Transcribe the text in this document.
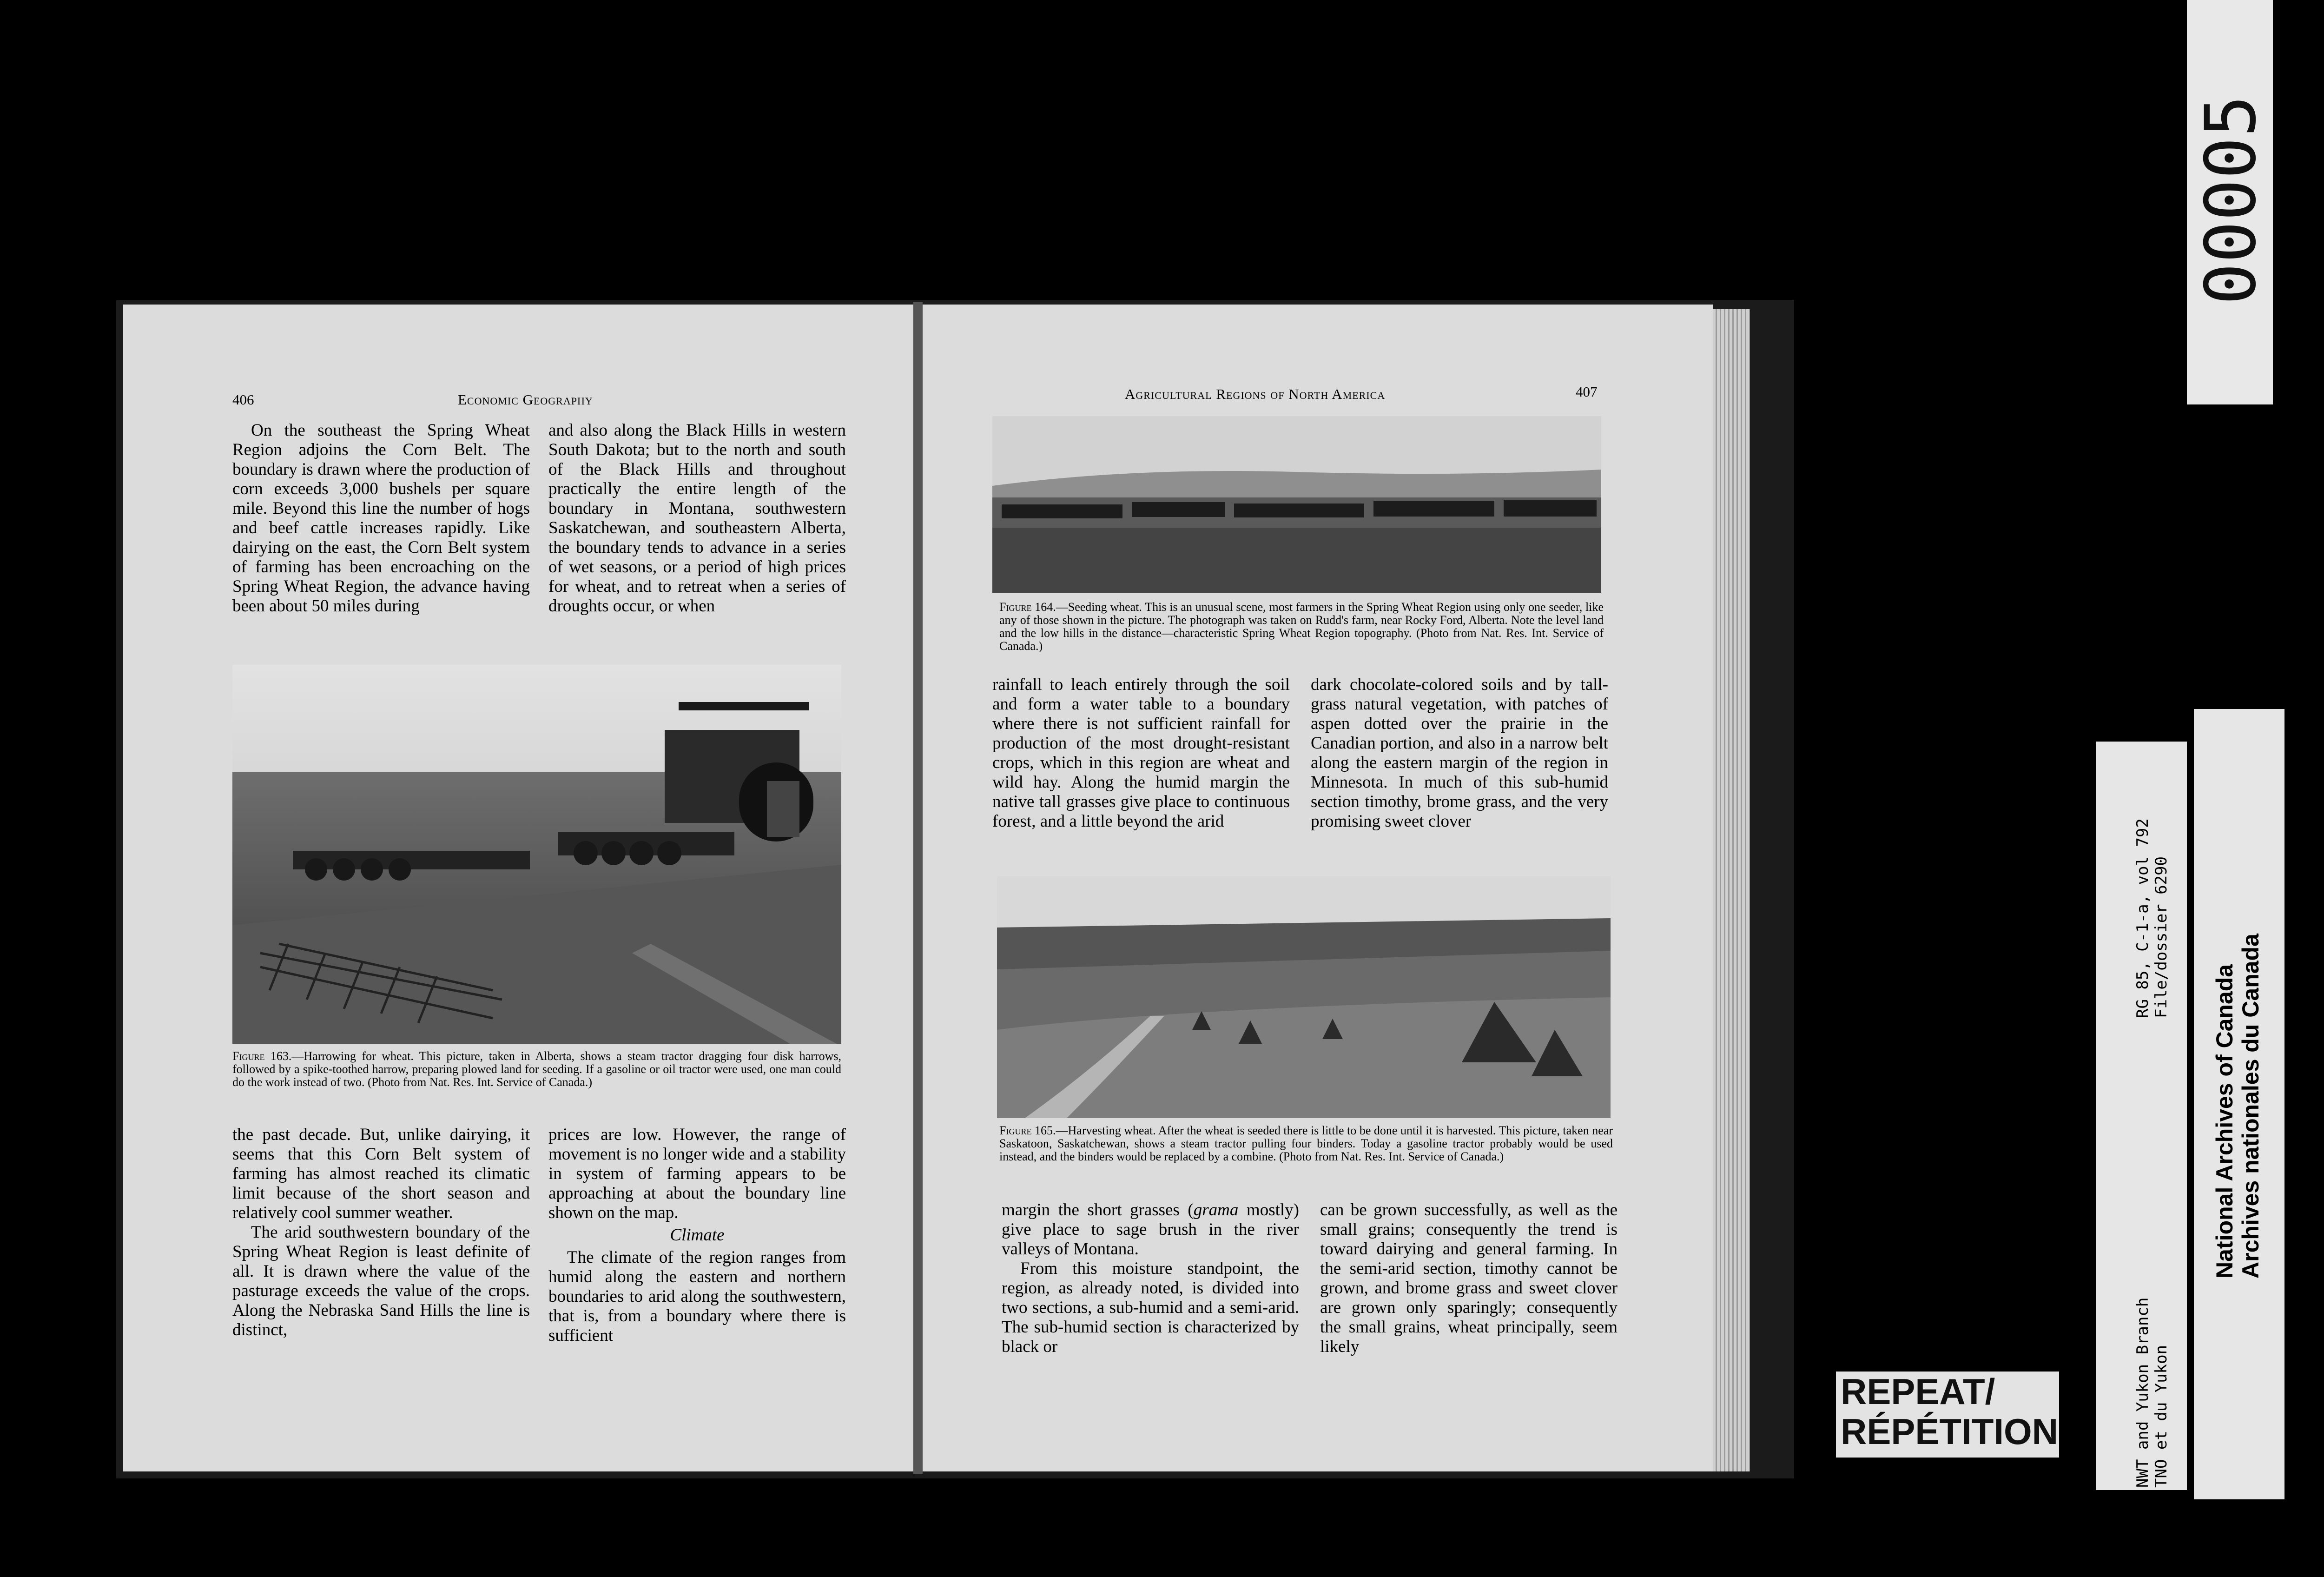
406	Economic Geography

On the southeast the Spring Wheat Region adjoins the Corn Belt. The boundary is drawn where the production of corn exceeds 3,000 bushels per square mile. Beyond this line the number of hogs and beef cattle increases rapidly. Like dairying on the east, the Corn Belt system of farming has been encroaching on the Spring Wheat Region, the advance having been about 50 miles during

and also along the Black Hills in western South Dakota; but to the north and south of the Black Hills and throughout practically the entire length of the boundary in Montana, southwestern Saskatchewan, and southeastern Alberta, the boundary tends to advance in a series of wet seasons, or a period of high prices for wheat, and to retreat when a series of droughts occur, or when

Figure 163.—Harrowing for wheat. This picture, taken in Alberta, shows a steam tractor dragging four disk harrows, followed by a spike-toothed harrow, preparing plowed land for seeding. If a gasoline or oil tractor were used, one man could do the work instead of two. (Photo from Nat. Res. Int. Service of Canada.)

the past decade. But, unlike dairying, it seems that this Corn Belt system of farming has almost reached its climatic limit because of the short season and relatively cool summer weather.

The arid southwestern boundary of the Spring Wheat Region is least definite of all. It is drawn where the value of the pasturage exceeds the value of the crops. Along the Nebraska Sand Hills the line is distinct,

prices are low. However, the range of movement is no longer wide and a stability in system of farming appears to be approaching at about the boundary line shown on the map.

Climate

The climate of the region ranges from humid along the eastern and northern boundaries to arid along the southwestern, that is, from a boundary where there is sufficient

Agricultural Regions of North America	407
Figure 164.—Seeding wheat. This is an unusual scene, most farmers in the Spring Wheat Region using only one seeder, like any of those shown in the picture. The photograph was taken on Rudd's farm, near Rocky Ford, Alberta. Note the level land and the low hills in the distance—characteristic Spring Wheat Region topography. (Photo from Nat. Res. Int. Service of Canada.)

rainfall to leach entirely through the soil and form a water table to a boundary where there is not sufficient rainfall for production of the most drought-resistant crops, which in this region are wheat and wild hay. Along the humid margin the native tall grasses give place to continuous forest, and a little beyond the arid

dark chocolate-colored soils and by tall-grass natural vegetation, with patches of aspen dotted over the prairie in the Canadian portion, and also in a narrow belt along the eastern margin of the region in Minnesota. In much of this sub-humid section timothy, brome grass, and the very promising sweet clover

Figure 165.—Harvesting wheat. After the wheat is seeded there is little to be done until it is harvested. This picture, taken near Saskatoon, Saskatchewan, shows a steam tractor pulling four binders. Today a gasoline tractor probably would be used instead, and the binders would be replaced by a combine. (Photo from Nat. Res. Int. Service of Canada.)

margin the short grasses (grama mostly) give place to sage brush in the river valleys of Montana.

From this moisture standpoint, the region, as already noted, is divided into two sections, a sub-humid and a semi-arid. The sub-humid section is characterized by black or

can be grown successfully, as well as the small grains; consequently the trend is toward dairying and general farming. In the semi-arid section, timothy cannot be grown, and brome grass and sweet clover are grown only sparingly; consequently the small grains, wheat principally, seem likely

00005
RG 85, C-1-a, vol 792 File/dossier 6290
NWT and Yukon Branch TNO et du Yukon
National Archives of Canada Archives nationales du Canada
REPEAT/
RÉPÉTITION
